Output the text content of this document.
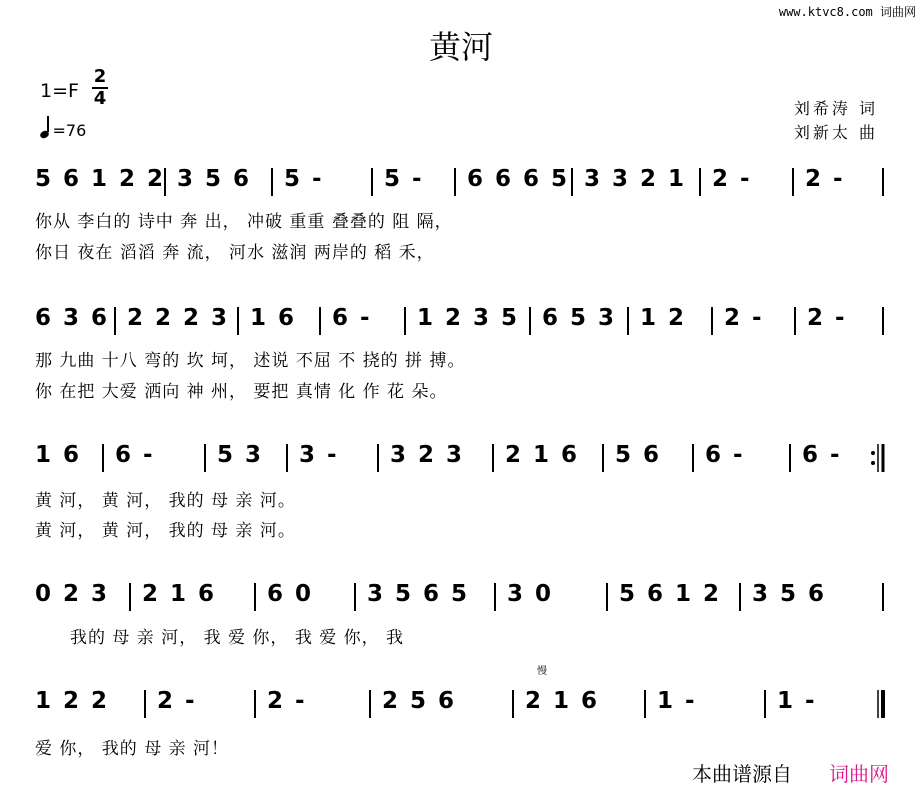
黄河
www.ktvc8.com 词曲网
1=F
2
4
=76
刘希涛 词
刘新太 曲
5 6 1 2 2 3 5 6 5 -	5 - 6 6 6 5 3 3 2 1 2 - 2 -
你从 李白的 诗中 奔 出， 冲破 重重 叠叠的 阻 隔，
你日 夜在 滔滔 奔 流， 河水 滋润 两岸的 稻 禾，
6 3 6 2 2 2 3 1 6 6 - 1 2 3 5 6 5 3 1 2 2 - 2 -
那 九曲 十八 弯的 坎 坷， 述说 不屈 不 挠的 拼 搏。
你 在把 大爱 洒向 神 州， 要把 真情 化 作 花 朵。
1 6 6 -	5 3 3 - 3 2 3 2 1 6 5 6 6 - 6 -
黄 河， 黄 河， 我的 母 亲 河。
黄 河， 黄 河， 我的 母 亲 河。
0 2 3 2 1 6 6 0 3 5 6 5 3 0	5 6 1 2 3 5 6
我的 母 亲 河， 我 爱 你， 我 爱 你， 我
1 2 2 2 -	2 -	2 5 6	2 1 6	1 -	1 -
爱 你， 我的 母 亲 河！
慢
本曲谱源自 词曲网
